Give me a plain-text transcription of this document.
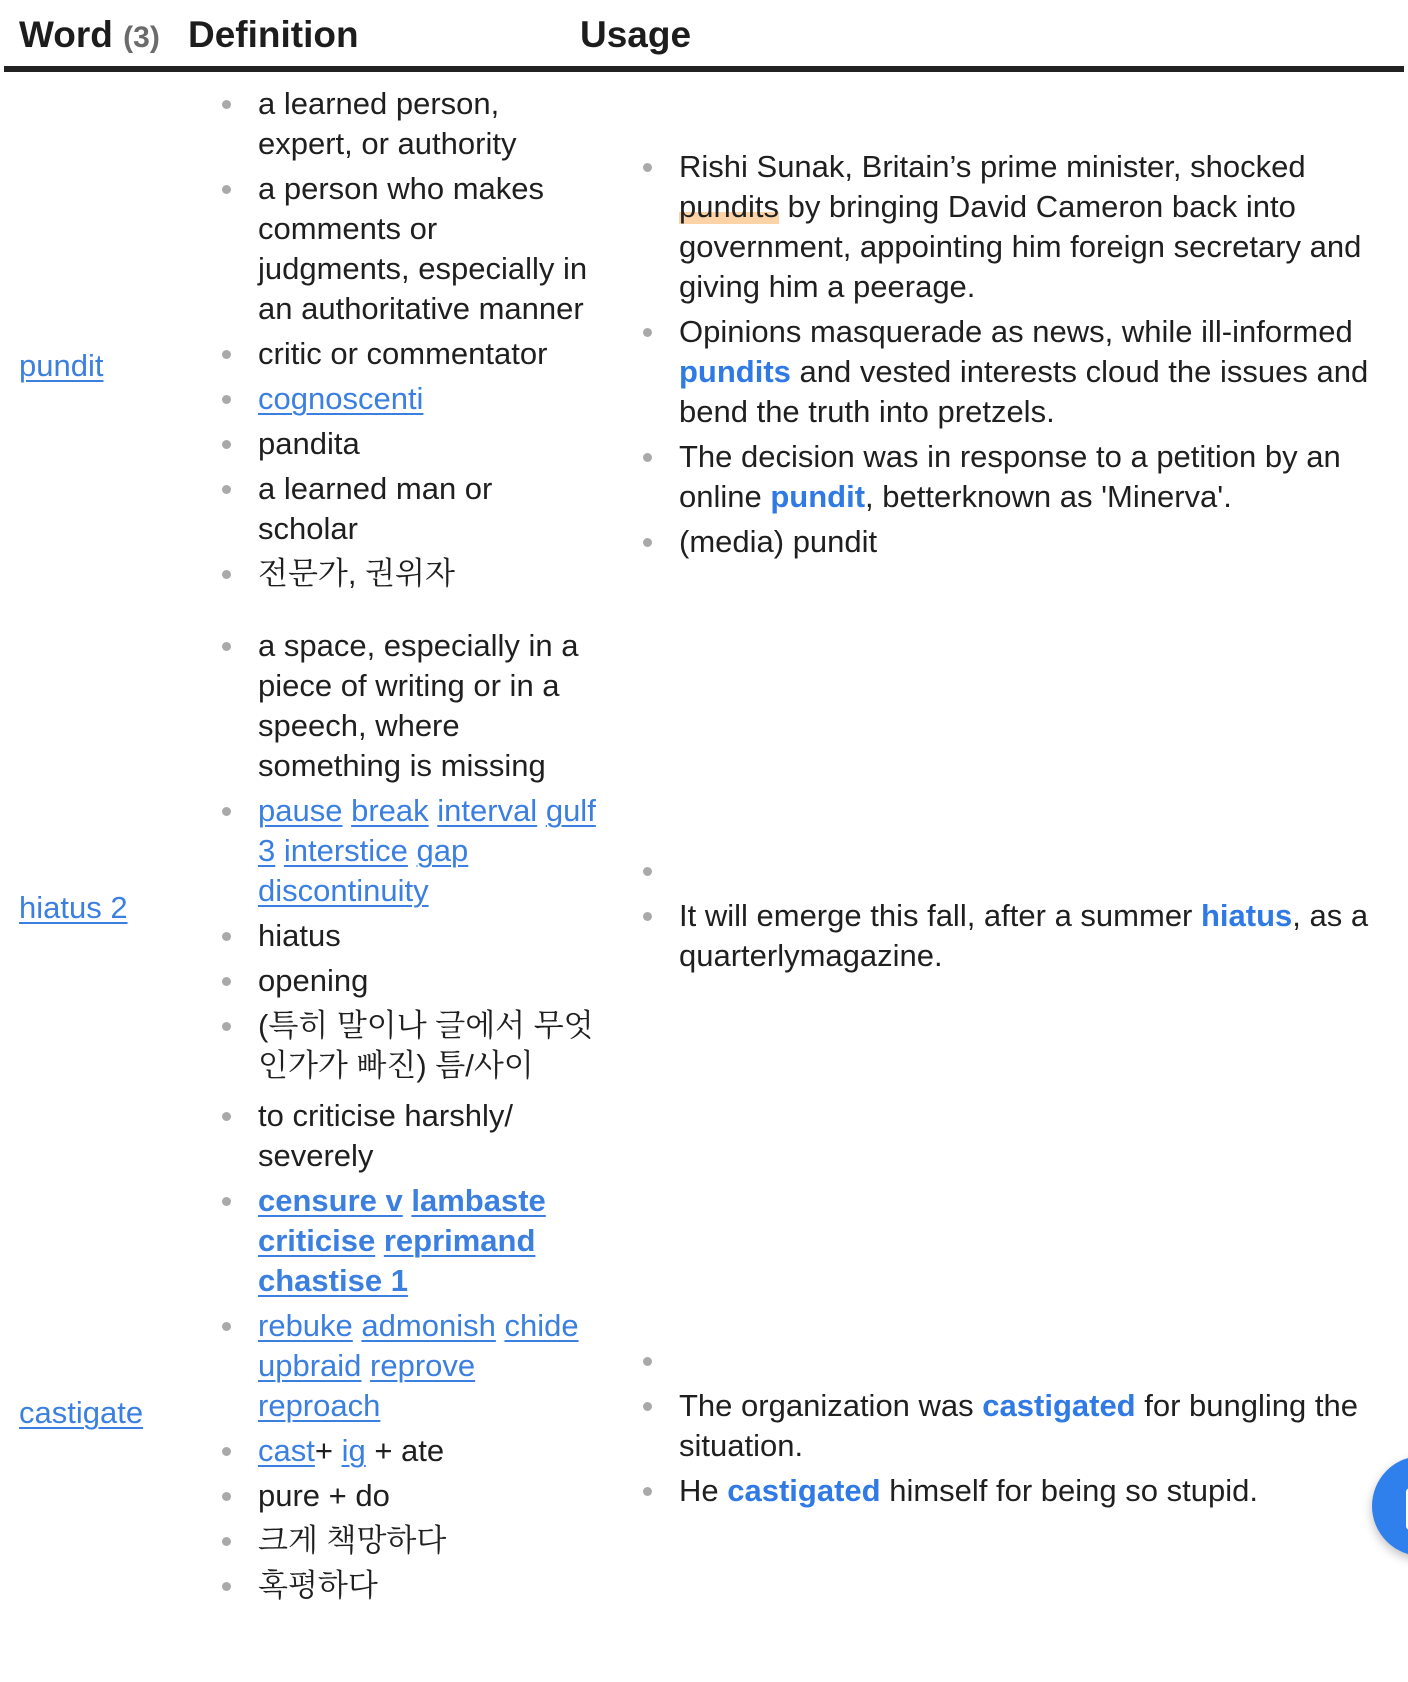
Word (3) Definition	Usage
pundit
a learned person, expert, or authority
a person who makes comments or judgments, especially in an authoritative manner
critic or commentator
cognoscenti
pandita
a learned man or scholar
전문가, 권위자
Rishi Sunak, Britain’s prime minister, shocked pundits by bringing David Cameron back into government, appointing him foreign secretary and giving him a peerage.
Opinions masquerade as news, while ill-informed pundits and vested interests cloud the issues and bend the truth into pretzels.
The decision was in response to a petition by an online pundit, betterknown as 'Minerva'.
(media) pundit
hiatus 2
a space, especially in a piece of writing or in a speech, where something is missing
pause break interval gulf 3 interstice gap discontinuity
hiatus
opening
(특히 말이나 글에서 무엇인가가 빠진) 틈/사이
It will emerge this fall, after a summer hiatus, as a quarterlymagazine.
castigate
to criticise harshly/ severely
censure v lambaste criticise reprimand chastise 1
rebuke admonish chide upbraid reprove reproach
cast+ ig + ate
pure + do
크게 책망하다
혹평하다
The organization was castigated for bungling the situation.
He castigated himself for being so stupid.
